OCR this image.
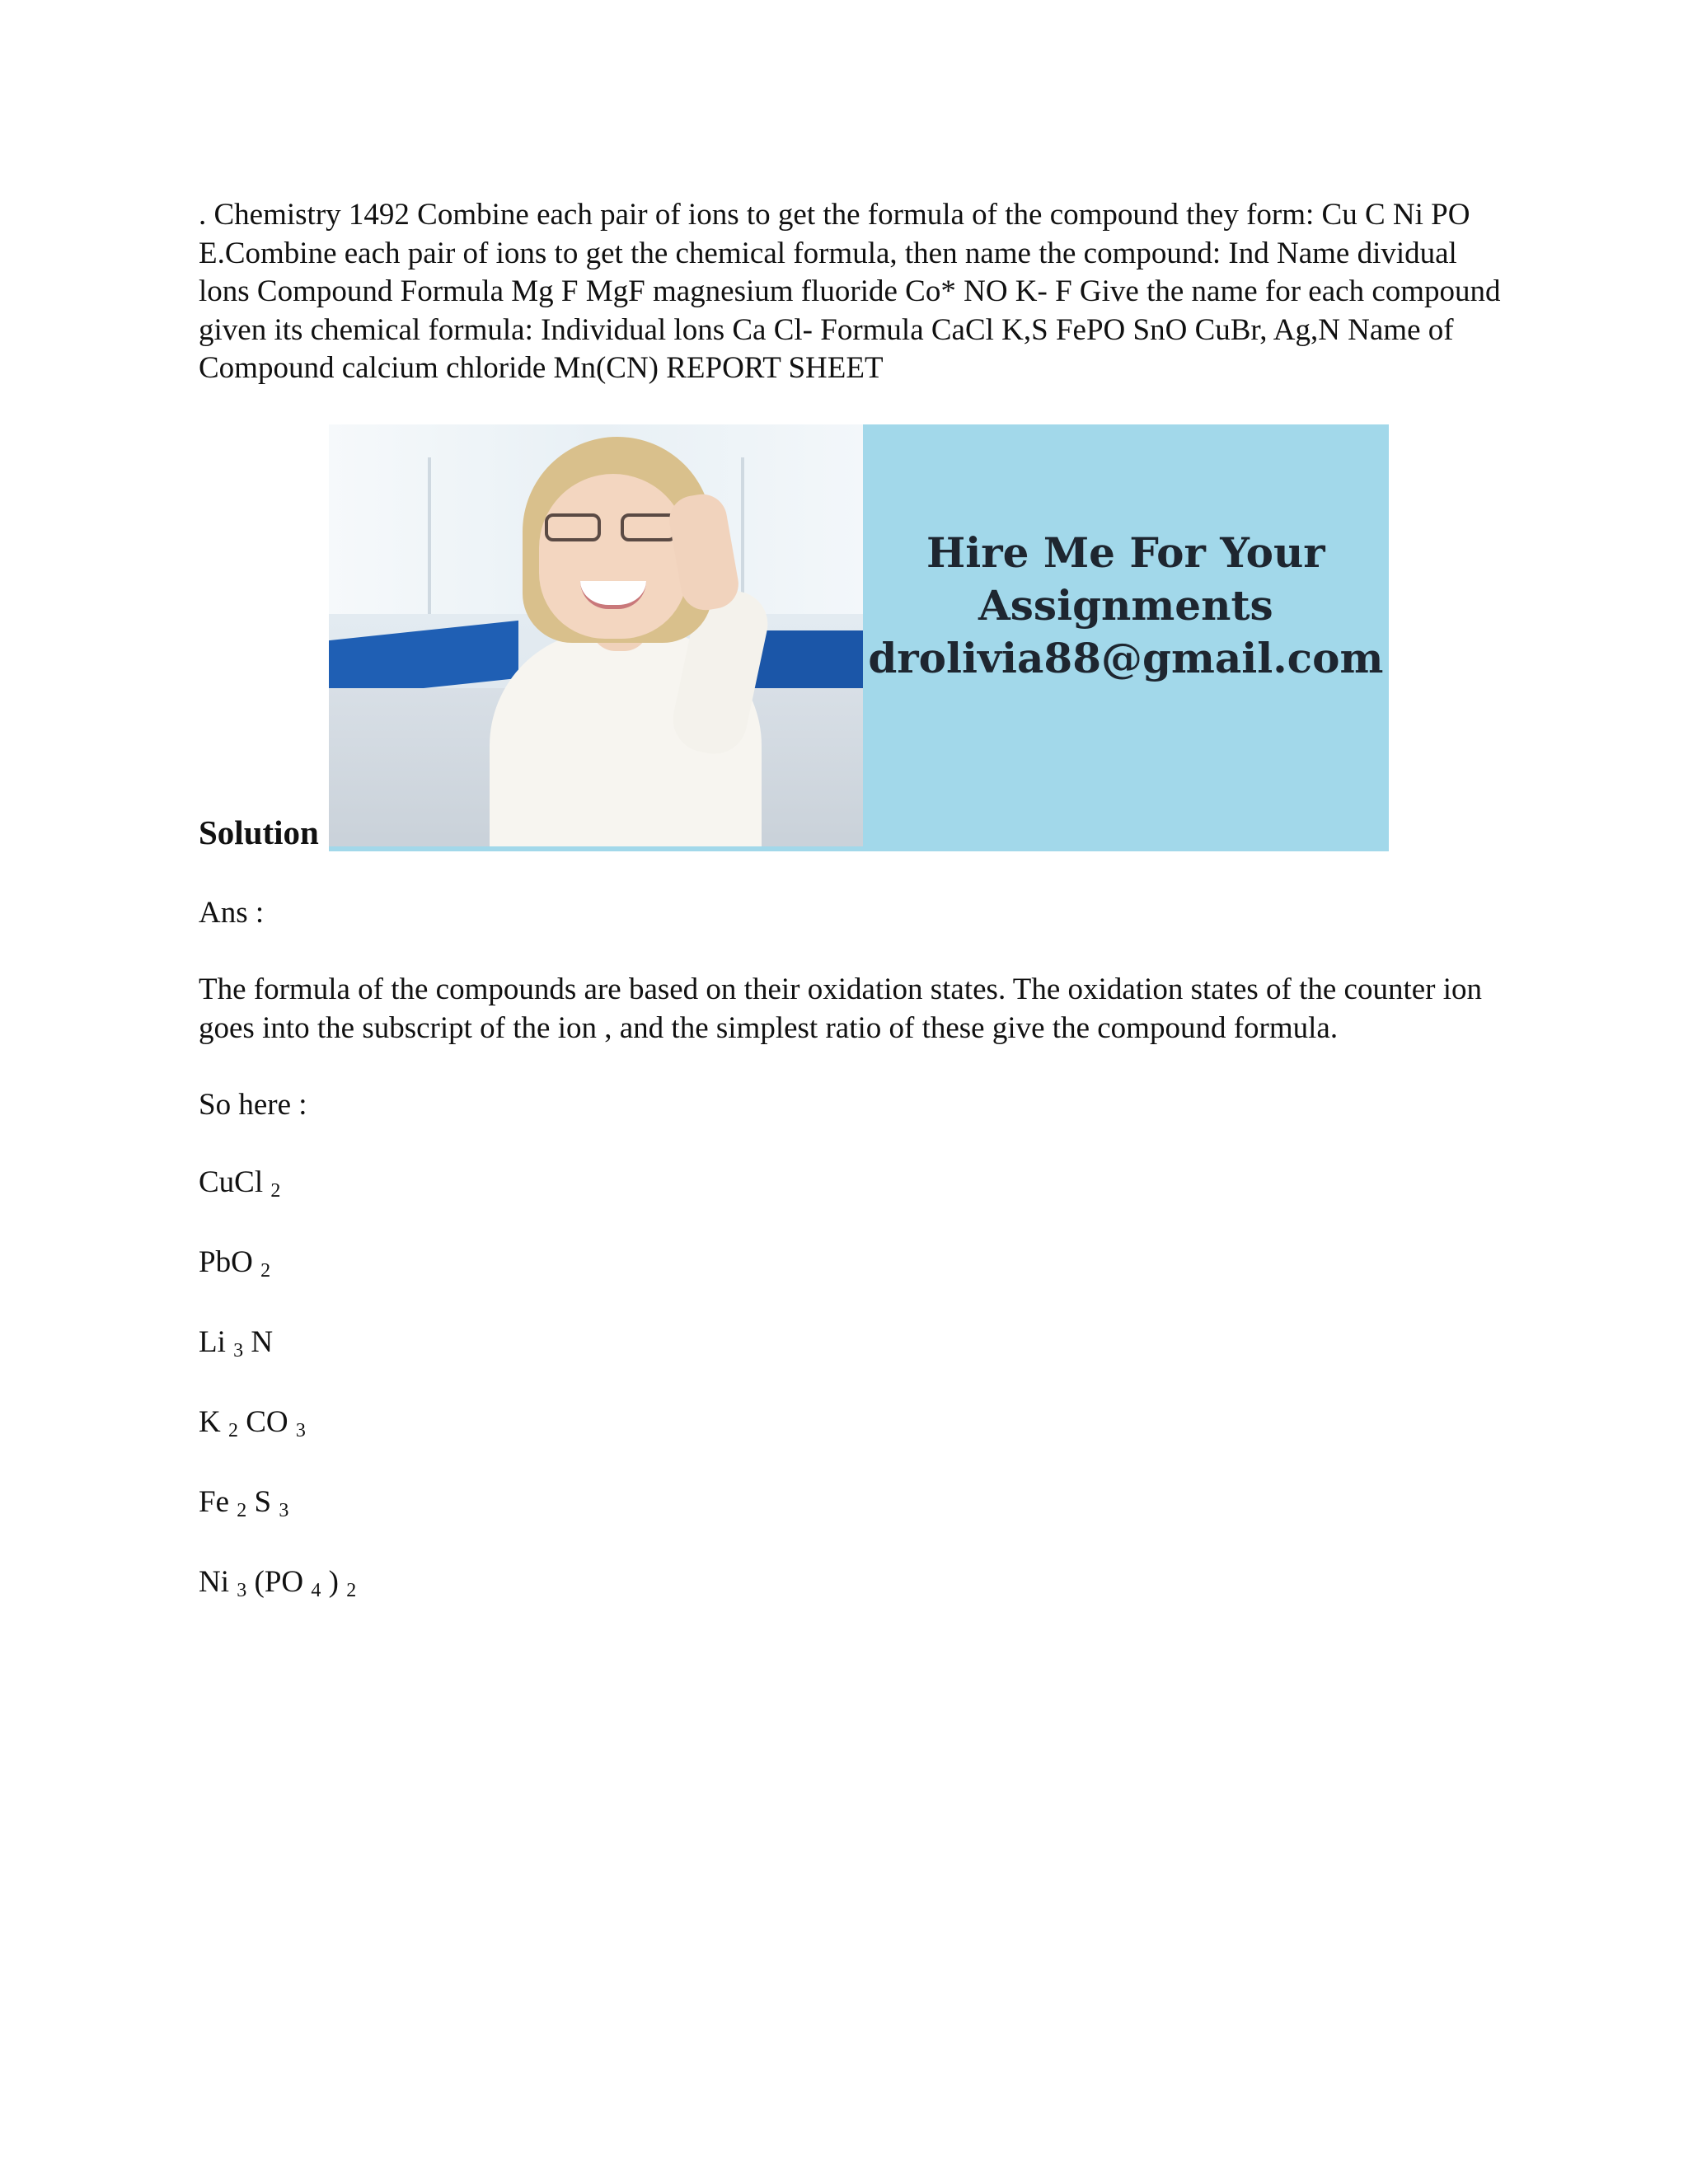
. Chemistry 1492 Combine each pair of ions to get the formula of the compound they form: Cu C Ni PO E.Combine each pair of ions to get the chemical formula, then name the compound: Ind Name dividual lons Compound Formula Mg F MgF magnesium fluoride Co* NO K- F Give the name for each compound given its chemical formula: Individual lons Ca Cl- Formula CaCl K,S FePO SnO CuBr, Ag,N Name of Compound calcium chloride Mn(CN) REPORT SHEET

Solution
Hire Me For Your
Assignments
drolivia88@gmail.com

Ans :

The formula of the compounds are based on their oxidation states. The oxidation states of the counter ion goes into the subscript of the ion , and the simplest ratio of these give the compound formula.

So here :

CuCl $_2$

PbO $_2$

Li $_3$ N

K $_2$ CO $_3$

Fe $_2$ S $_3$

Ni $_3$ (PO $_4$ ) $_2$
